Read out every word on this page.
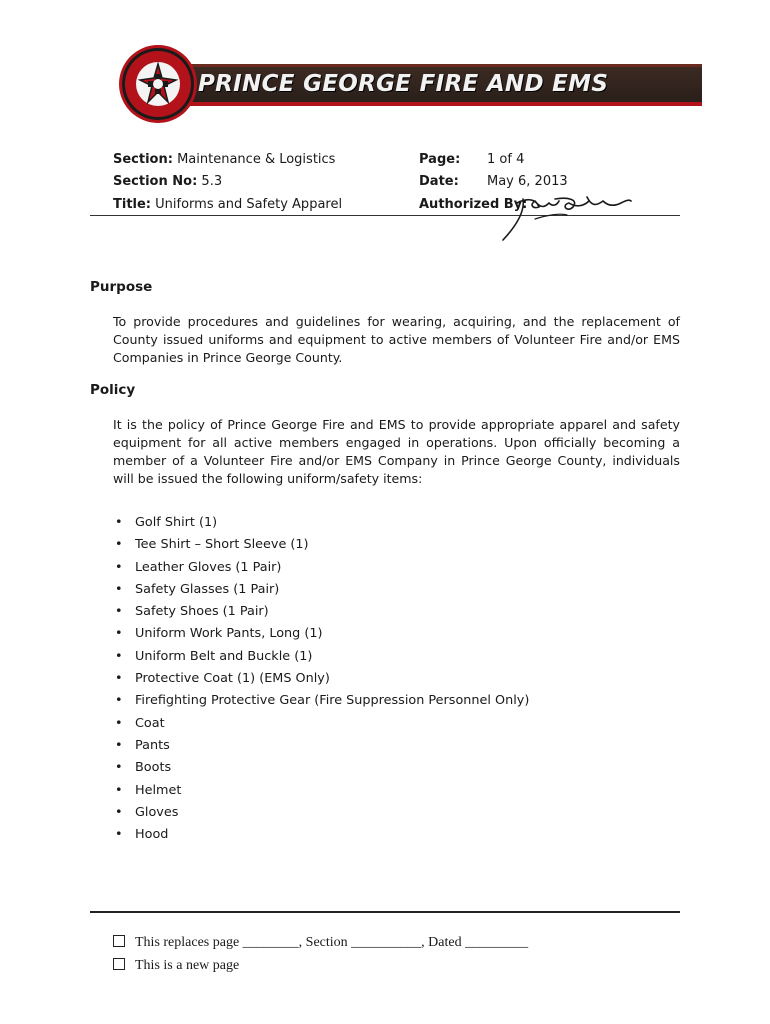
PRINCE GEORGE FIRE AND EMS
Section: Maintenance & Logistics
Section No: 5.3
Title: Uniforms and Safety Apparel
Page: 1 of 4
Date: May 6, 2013
Authorized By:
Purpose
To provide procedures and guidelines for wearing, acquiring, and the replacement of County issued uniforms and equipment to active members of Volunteer Fire and/or EMS Companies in Prince George County.
Policy
It is the policy of Prince George Fire and EMS to provide appropriate apparel and safety equipment for all active members engaged in operations. Upon officially becoming a member of a Volunteer Fire and/or EMS Company in Prince George County, individuals will be issued the following uniform/safety items:
• Golf Shirt (1)
• Tee Shirt – Short Sleeve (1)
• Leather Gloves (1 Pair)
• Safety Glasses (1 Pair)
• Safety Shoes (1 Pair)
• Uniform Work Pants, Long (1)
• Uniform Belt and Buckle (1)
• Protective Coat (1) (EMS Only)
• Firefighting Protective Gear (Fire Suppression Personnel Only)
• Coat
• Pants
• Boots
• Helmet
• Gloves
• Hood
This replaces page ________, Section __________, Dated _________
This is a new page
